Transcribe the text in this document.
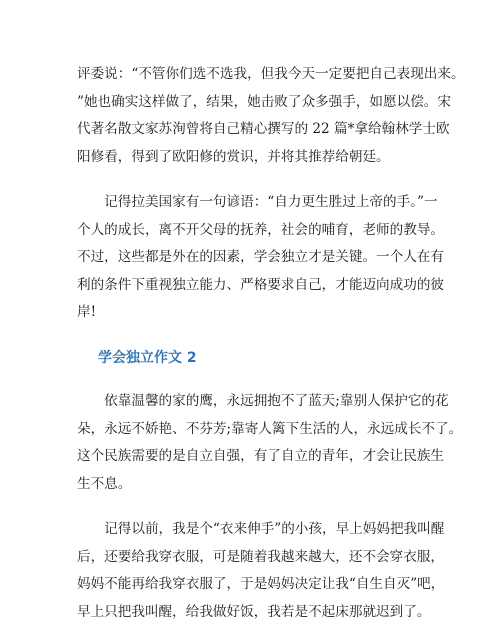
评委说：“不管你们选不选我，但我今天一定要把自己表现出来。
”她也确实这样做了，结果，她击败了众多强手，如愿以偿。宋
代著名散文家苏洵曾将自己精心撰写的 22 篇*拿给翰林学士欧
阳修看，得到了欧阳修的赏识，并将其推荐给朝廷。
　　记得拉美国家有一句谚语：“自力更生胜过上帝的手。”一
个人的成长，离不开父母的抚养，社会的哺育，老师的教导。
不过，这些都是外在的因素，学会独立才是关键。一个人在有
利的条件下重视独立能力、严格要求自己，才能迈向成功的彼
岸!
学会独立作文 2
　　依靠温馨的家的鹰，永远拥抱不了蓝天;靠别人保护它的花
朵，永远不娇艳、不芬芳;靠寄人篱下生活的人，永远成长不了。
这个民族需要的是自立自强，有了自立的青年，才会让民族生
生不息。
　　记得以前，我是个“衣来伸手”的小孩，早上妈妈把我叫醒
后，还要给我穿衣服，可是随着我越来越大，还不会穿衣服，
妈妈不能再给我穿衣服了，于是妈妈决定让我“自生自灭”吧，
早上只把我叫醒，给我做好饭，我若是不起床那就迟到了。
